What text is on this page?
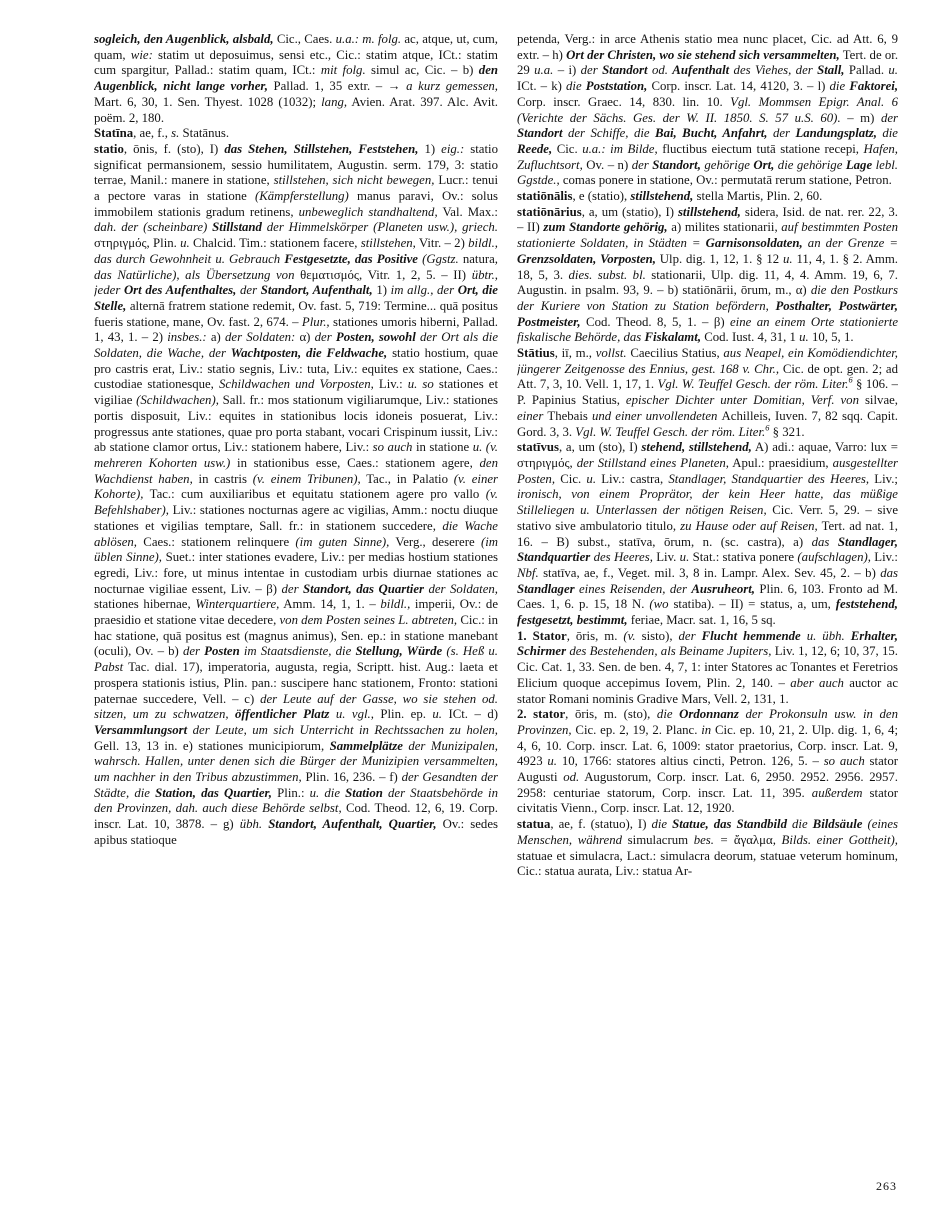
sogleich, den Augenblick, alsbald, Cic., Caes. u.a.: m. folg. ac, atque, ut, cum, quam, wie: statim ut deposuimus, sensi etc., Cic.: statim atque, ICt.: statim cum spargitur, Pallad.: statim quam, ICt.: mit folg. simul ac, Cic. – b) den Augenblick, nicht lange vorher, Pallad. 1, 35 extr. – → a kurz gemessen, Mart. 6, 30, 1. Sen. Thyest. 1028 (1032); lang, Avien. Arat. 397. Alc. Avit. poëm. 2, 180.

Statīna, ae, f., s. Statānus.

statio, ōnis, f. (sto), I) das Stehen, Stillstehen, Feststehen, 1) eig.: statio significat permansionem, sessio humilitatem, Augustin. serm. 179, 3: statio terrae, Manil.: manere in statione, stillstehen, sich nicht bewegen, Lucr.: tenui a pectore varas in statione (Kämpferstellung) manus paravi, Ov.: solus immobilem stationis gradum retinens, unbeweglich standhaltend, Val. Max.: dah. der (scheinbare) Stillstand der Himmelskörper (Planeten usw.), griech. στηριγμός, Plin. u. Chalcid. Tim.: stationem facere, stillstehen, Vitr. – 2) bildl., das durch Gewohnheit u. Gebrauch Festgesetzte, das Positive (Ggstz. natura, das Natürliche), als Übersetzung von θεματισμός, Vitr. 1, 2, 5. – II) übtr., jeder Ort des Aufenthaltes, der Standort, Aufenthalt, 1) im allg., der Ort, die Stelle, alternā fratrem statione redemit, Ov. fast. 5, 719: Termine... quā positus fueris statione, mane, Ov. fast. 2, 674. – Plur., stationes umoris hiberni, Pallad. 1, 43, 1. – 2) insbes.: a) der Soldaten: α) der Posten, sowohl der Ort als die Soldaten, die Wache, der Wachtposten, die Feldwache, statio hostium, quae pro castris erat, Liv.: statio segnis, Liv.: tuta, Liv.: equites ex statione, Caes.: custodiae stationesque, Schildwachen und Vorposten, Liv.: u. so stationes et vigiliae (Schildwachen), Sall. fr.: mos stationum vigiliarumque, Liv.: stationes portis disposuit, Liv.: equites in stationibus locis idoneis posuerat, Liv.: progressus ante stationes, quae pro porta stabant, vocari Crispinum iussit, Liv.: ab statione clamor ortus, Liv.: stationem habere, Liv.: so auch in statione u. (v. mehreren Kohorten usw.) in stationibus esse, Caes.: stationem agere, den Wachdienst haben, in castris (v. einem Tribunen), Tac., in Palatio (v. einer Kohorte), Tac.: cum auxiliaribus et equitatu stationem agere pro vallo (v. Befehlshaber), Liv.: stationes nocturnas agere ac vigilias, Amm.: noctu diuque stationes et vigilias temptare, Sall. fr.: in stationem succedere, die Wache ablösen, Caes.: stationem relinquere (im guten Sinne), Verg., deserere (im üblen Sinne), Suet.: inter stationes evadere, Liv.: per medias hostium stationes egredi, Liv.: fore, ut minus intentae in custodiam urbis diurnae stationes ac nocturnae vigiliae essent, Liv. – β) der Standort, das Quartier der Soldaten, stationes hibernae, Winterquartiere, Amm. 14, 1, 1. – bildl., imperii, Ov.: de praesidio et statione vitae decedere, von dem Posten seines L. abtreten, Cic.: in hac statione, quā positus est (magnus animus), Sen. ep.: in statione manebant (oculi), Ov. – b) der Posten im Staatsdienste, die Stellung, Würde (s. Heß u. Pabst Tac. dial. 17), imperatoria, augusta, regia, Scriptt. hist. Aug.: laeta et prospera stationis istius, Plin. pan.: suscipere hanc stationem, Fronto: stationi paternae succedere, Vell. – c) der Leute auf der Gasse, wo sie stehen od. sitzen, um zu schwatzen, öffentlicher Platz u. vgl., Plin. ep. u. ICt. – d) Versammlungsort der Leute, um sich Unterricht in Rechtssachen zu holen, Gell. 13, 13 in. e) stationes municipiorum, Sammelplätze der Munizipalen, wahrsch. Hallen, unter denen sich die Bürger der Munizipien versammelten, um nachher in den Tribus abzustimmen, Plin. 16, 236. – f) der Gesandten der Städte, die Station, das Quartier, Plin.: u. die Station der Staatsbehörde in den Provinzen, dah. auch diese Behörde selbst, Cod. Theod. 12, 6, 19. Corp. inscr. Lat. 10, 3878. – g) übh. Standort, Aufenthalt, Quartier, Ov.: sedes apibus statioque

petenda, Verg.: in arce Athenis statio mea nunc placet, Cic. ad Att. 6, 9 extr. – h) Ort der Christen, wo sie stehend sich versammelten, Tert. de or. 29 u.a. – i) der Standort od. Aufenthalt des Viehes, der Stall, Pallad. u. ICt. – k) die Poststation, Corp. inscr. Lat. 14, 4120, 3. – l) die Faktorei, Corp. inscr. Graec. 14, 830. lin. 10. Vgl. Mommsen Epigr. Anal. 6 (Verichte der Sächs. Ges. der W. II. 1850. S. 57 u.S. 60). – m) der Standort der Schiffe, die Bai, Bucht, Anfahrt, der Landungsplatz, die Reede, Cic. u.a.: im Bilde, fluctibus eiectum tutā statione recepi, Hafen, Zufluchtsort, Ov. – n) der Standort, gehörige Ort, die gehörige Lage lebl. Ggstde., comas ponere in statione, Ov.: permutatā rerum statione, Petron.

statiōnālis, e (statio), stillstehend, stella Martis, Plin. 2, 60.

statiōnārius, a, um (statio), I) stillstehend, sidera, Isid. de nat. rer. 22, 3. – II) zum Standorte gehörig, a) milites stationarii, auf bestimmten Posten stationierte Soldaten, in Städten = Garnisonsoldaten, an der Grenze = Grenzsoldaten, Vorposten, Ulp. dig. 1, 12, 1. § 12 u. 11, 4, 1. § 2. Amm. 18, 5, 3. dies. subst. bl. stationarii, Ulp. dig. 11, 4, 4. Amm. 19, 6, 7. Augustin. in psalm. 93, 9. – b) statiōnārii, ōrum, m., α) die den Postkurs der Kuriere von Station zu Station befördern, Posthalter, Postwärter, Postmeister, Cod. Theod. 8, 5, 1. – β) eine an einem Orte stationierte fiskalische Behörde, das Fiskalamt, Cod. Iust. 4, 31, 1 u. 10, 5, 1.

Stātius, iī, m., vollst. Caecilius Statius, aus Neapel, ein Komödiendichter, jüngerer Zeitgenosse des Ennius, gest. 168 v. Chr., Cic. de opt. gen. 2; ad Att. 7, 3, 10. Vell. 1, 17, 1. Vgl. W. Teuffel Gesch. der röm. Liter.$^6$ § 106. – P. Papinius Statius, epischer Dichter unter Domitian, Verf. von silvae, einer Thebais und einer unvollendeten Achilleis, Iuven. 7, 82 sqq. Capit. Gord. 3, 3. Vgl. W. Teuffel Gesch. der röm. Liter.$^6$ § 321.

statīvus, a, um (sto), I) stehend, stillstehend, A) adi.: aquae, Varro: lux = στηριγμός, der Stillstand eines Planeten, Apul.: praesidium, ausgestellter Posten, Cic. u. Liv.: castra, Standlager, Standquartier des Heeres, Liv.; ironisch, von einem Proprätor, der kein Heer hatte, das müßige Stilleliegen u. Unterlassen der nötigen Reisen, Cic. Verr. 5, 29. – sive stativo sive ambulatorio titulo, zu Hause oder auf Reisen, Tert. ad nat. 1, 16. – B) subst., statīva, ōrum, n. (sc. castra), a) das Standlager, Standquartier des Heeres, Liv. u. Stat.: stativa ponere (aufschlagen), Liv.: Nbf. statīva, ae, f., Veget. mil. 3, 8 in. Lampr. Alex. Sev. 45, 2. – b) das Standlager eines Reisenden, der Ausruheort, Plin. 6, 103. Fronto ad M. Caes. 1, 6. p. 15, 18 N. (wo statiba). – II) = status, a, um, feststehend, festgesetzt, bestimmt, feriae, Macr. sat. 1, 16, 5 sq.

1. Stator, ōris, m. (v. sisto), der Flucht hemmende u. übh. Erhalter, Schirmer des Bestehenden, als Beiname Jupiters, Liv. 1, 12, 6; 10, 37, 15. Cic. Cat. 1, 33. Sen. de ben. 4, 7, 1: inter Statores ac Tonantes et Feretrios Elicium quoque accepimus Iovem, Plin. 2, 140. – aber auch auctor ac stator Romani nominis Gradive Mars, Vell. 2, 131, 1.

2. stator, ōris, m. (sto), die Ordonnanz der Prokonsuln usw. in den Provinzen, Cic. ep. 2, 19, 2. Planc. in Cic. ep. 10, 21, 2. Ulp. dig. 1, 6, 4; 4, 6, 10. Corp. inscr. Lat. 6, 1009: stator praetorius, Corp. inscr. Lat. 9, 4923 u. 10, 1766: statores altius cincti, Petron. 126, 5. – so auch stator Augusti od. Augustorum, Corp. inscr. Lat. 6, 2950. 2952. 2956. 2957. 2958: centuriae statorum, Corp. inscr. Lat. 11, 395. außerdem stator civitatis Vienn., Corp. inscr. Lat. 12, 1920.

statua, ae, f. (statuo), I) die Statue, das Standbild die Bildsäule (eines Menschen, während simulacrum bes. = ἄγαλμα, Bilds. einer Gottheit), statuae et simulacra, Lact.: simulacra deorum, statuae veterum hominum, Cic.: statua aurata, Liv.: statua Ar-

263
